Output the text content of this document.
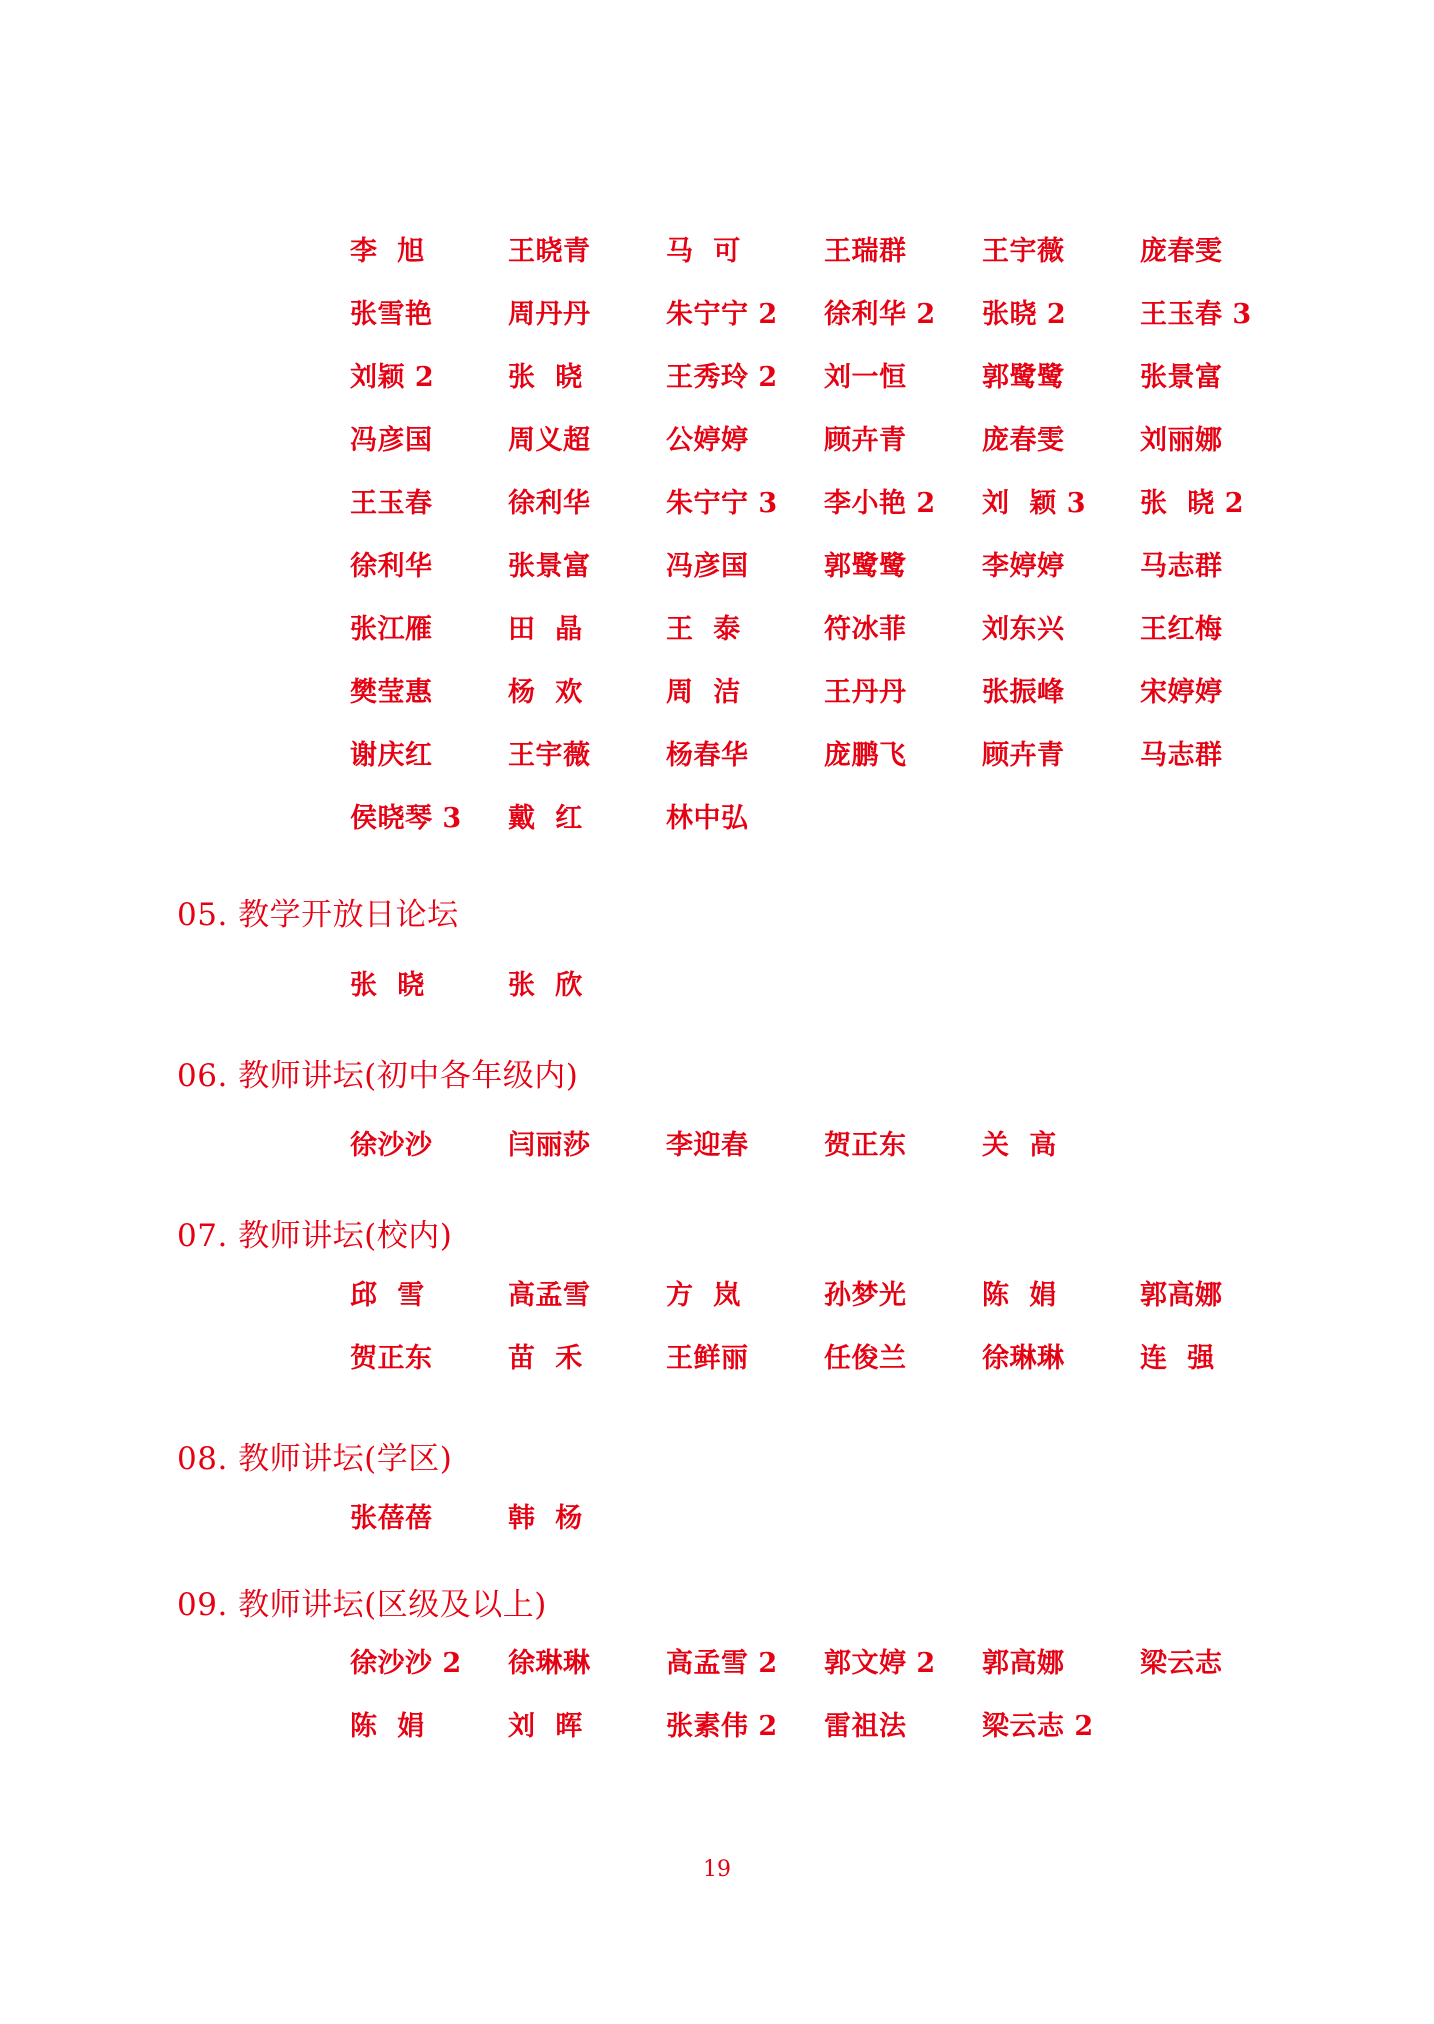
李  旭	王晓青	马  可	王瑞群	王宇薇	庞春雯
张雪艳	周丹丹	朱宁宁 2	徐利华 2	张晓 2	王玉春 3
刘颖 2	张  晓	王秀玲 2	刘一恒	郭鹭鹭	张景富
冯彦国	周义超	公婷婷	顾卉青	庞春雯	刘丽娜
王玉春	徐利华	朱宁宁 3	李小艳 2	刘  颖 3	张  晓 2
徐利华	张景富	冯彦国	郭鹭鹭	李婷婷	马志群
张江雁	田  晶	王  泰	符冰菲	刘东兴	王红梅
樊莹惠	杨  欢	周  洁	王丹丹	张振峰	宋婷婷
谢庆红	王宇薇	杨春华	庞鹏飞	顾卉青	马志群
侯晓琴 3	戴  红	林中弘
05. 教学开放日论坛
张  晓	张  欣
06. 教师讲坛(初中各年级内)
徐沙沙	闫丽莎	李迎春	贺正东	关  高
07. 教师讲坛(校内)
邱  雪	高孟雪	方  岚	孙梦光	陈  娟	郭高娜
贺正东	苗  禾	王鲜丽	任俊兰	徐琳琳	连  强
08. 教师讲坛(学区)
张蓓蓓	韩  杨
09. 教师讲坛(区级及以上)
徐沙沙 2	徐琳琳	高孟雪 2	郭文婷 2	郭高娜	梁云志
陈  娟	刘  晖	张素伟 2	雷祖法	梁云志 2
19
